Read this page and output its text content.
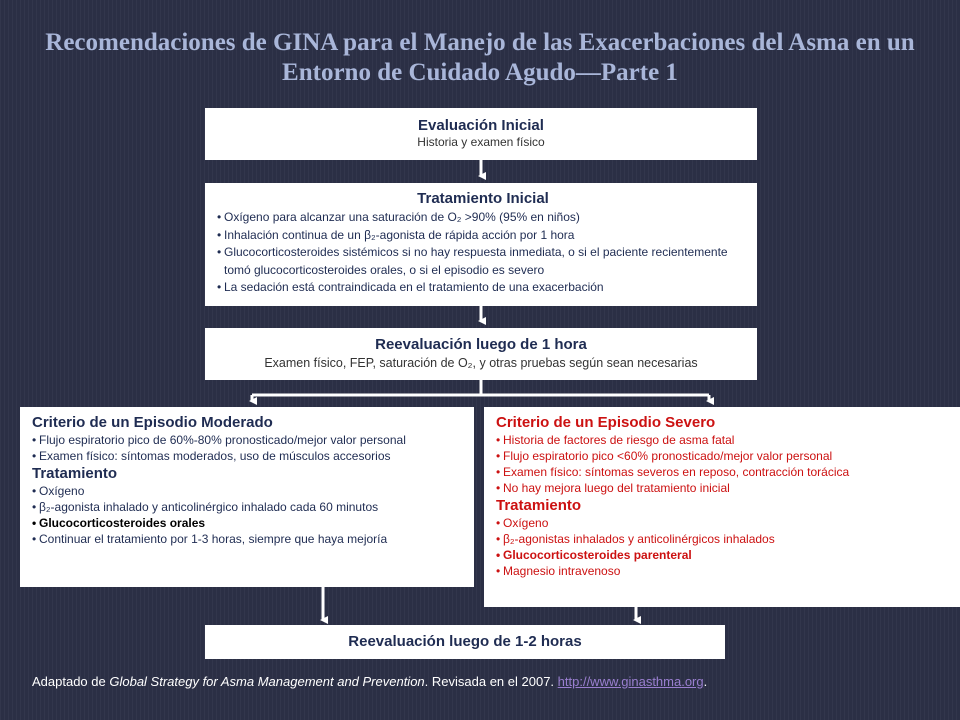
Recomendaciones de GINA para el Manejo de las Exacerbaciones del Asma en un
Entorno de Cuidado Agudo—Parte 1
Evaluación Inicial
Historia y examen físico
Tratamiento Inicial
• Oxígeno para alcanzar una saturación de O₂ >90% (95% en niños)
• Inhalación continua de un β₂-agonista de rápida acción por 1 hora
• Glucocorticosteroides sistémicos si no hay respuesta inmediata, o si el paciente recientemente tomó glucocorticosteroides orales, o si el episodio es severo
• La sedación está contraindicada en el tratamiento de una exacerbación
Reevaluación luego de 1 hora
Examen físico, FEP, saturación de O₂, y otras pruebas según sean necesarias
Criterio de un Episodio Moderado
• Flujo espiratorio pico de 60%-80% pronosticado/mejor valor personal
• Examen físico: síntomas moderados, uso de músculos accesorios
Tratamiento
• Oxígeno
• β₂-agonista inhalado y anticolinérgico inhalado cada 60 minutos
• Glucocorticosteroides orales
• Continuar el tratamiento por 1-3 horas, siempre que haya mejoría
Criterio de un Episodio Severo
• Historia de factores de riesgo de asma fatal
• Flujo espiratorio pico <60% pronosticado/mejor valor personal
• Examen físico: síntomas severos en reposo, contracción torácica
• No hay mejora luego del tratamiento inicial
Tratamiento
• Oxígeno
• β₂-agonistas inhalados y anticolinérgicos inhalados
• Glucocorticosteroides parenteral
• Magnesio intravenoso
Reevaluación luego de 1-2 horas
Adaptado de Global Strategy for Asma Management and Prevention. Revisada en el 2007. http://www.ginasthma.org.
